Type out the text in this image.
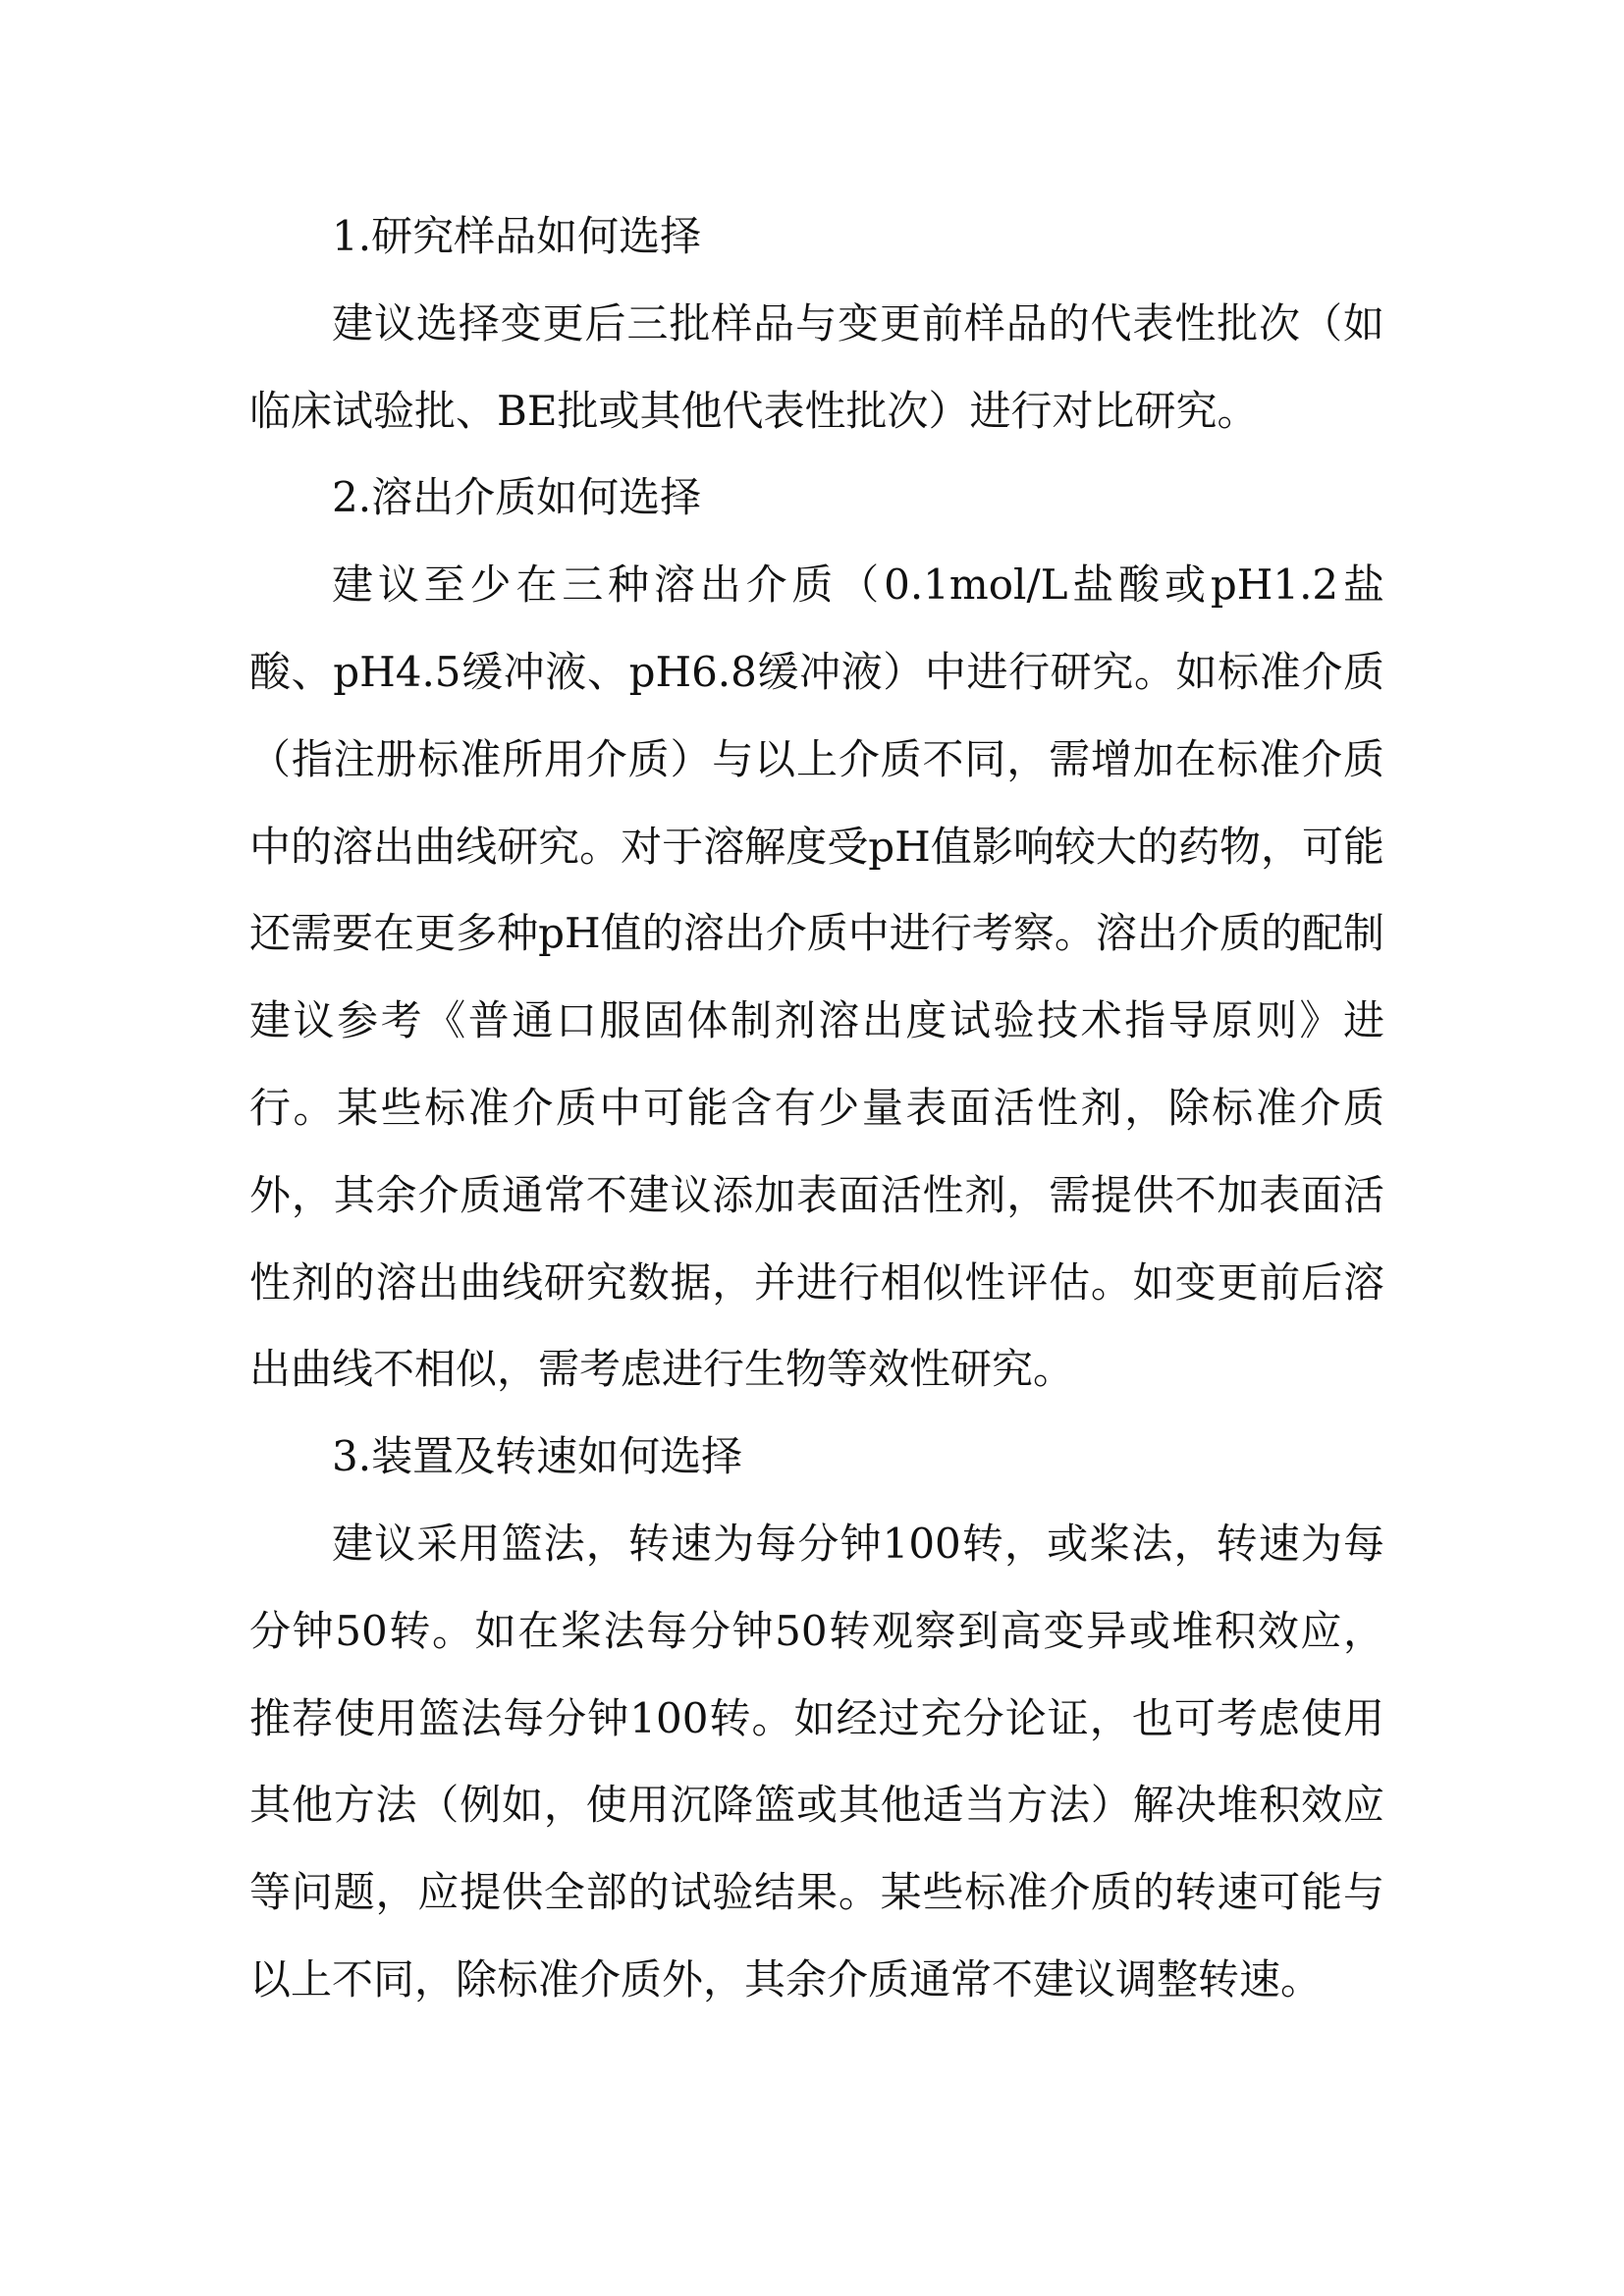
1.研究样品如何选择

建议选择变更后三批样品与变更前样品的代表性批次（如临床试验批、BE批或其他代表性批次）进行对比研究。

2.溶出介质如何选择

建议至少在三种溶出介质（0.1mol/L盐酸或pH1.2盐酸、pH4.5缓冲液、pH6.8缓冲液）中进行研究。如标准介质（指注册标准所用介质）与以上介质不同，需增加在标准介质中的溶出曲线研究。对于溶解度受pH值影响较大的药物，可能还需要在更多种pH值的溶出介质中进行考察。溶出介质的配制建议参考《普通口服固体制剂溶出度试验技术指导原则》进行。某些标准介质中可能含有少量表面活性剂，除标准介质外，其余介质通常不建议添加表面活性剂，需提供不加表面活性剂的溶出曲线研究数据，并进行相似性评估。如变更前后溶出曲线不相似，需考虑进行生物等效性研究。

3.装置及转速如何选择

建议采用篮法，转速为每分钟100转，或桨法，转速为每分钟50转。如在桨法每分钟50转观察到高变异或堆积效应，推荐使用篮法每分钟100转。如经过充分论证，也可考虑使用其他方法（例如，使用沉降篮或其他适当方法）解决堆积效应等问题，应提供全部的试验结果。某些标准介质的转速可能与以上不同，除标准介质外，其余介质通常不建议调整转速。
